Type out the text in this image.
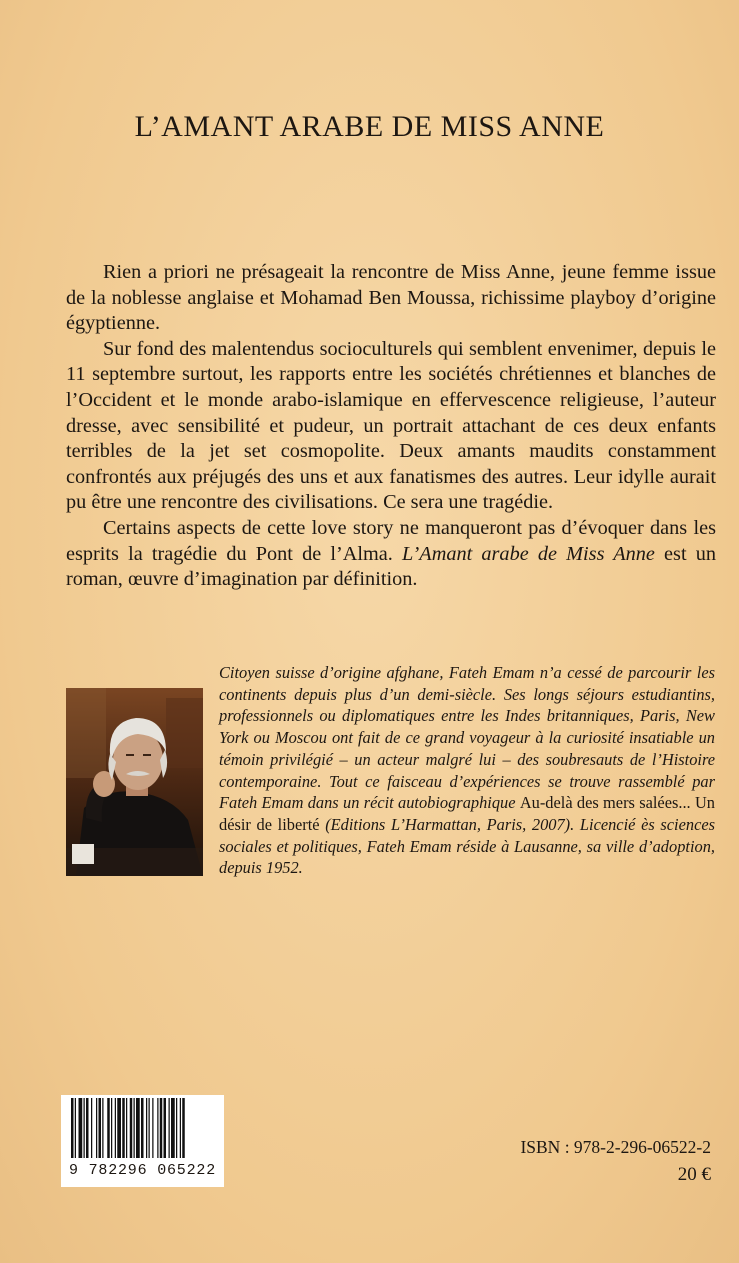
L’AMANT ARABE DE MISS ANNE

Rien a priori ne présageait la rencontre de Miss Anne, jeune femme issue de la noblesse anglaise et Mohamad Ben Moussa, richissime playboy d’origine égyptienne.

Sur fond des malentendus socioculturels qui semblent envenimer, depuis le 11 septembre surtout, les rapports entre les sociétés chrétiennes et blanches de l’Occident et le monde arabo-islamique en effervescence religieuse, l’auteur dresse, avec sensibilité et pudeur, un portrait attachant de ces deux enfants terribles de la jet set cosmopolite. Deux amants maudits constamment confrontés aux préjugés des uns et aux fanatismes des autres. Leur idylle aurait pu être une rencontre des civilisations. Ce sera une tragédie.

Certains aspects de cette love story ne manqueront pas d’évoquer dans les esprits la tragédie du Pont de l’Alma. L’Amant arabe de Miss Anne est un roman, œuvre d’imagination par définition.

Citoyen suisse d’origine afghane, Fateh Emam n’a cessé de parcourir les continents depuis plus d’un demi-siècle. Ses longs séjours estudiantins, professionnels ou diplomatiques entre les Indes britanniques, Paris, New York ou Moscou ont fait de ce grand voyageur à la curiosité insatiable un témoin privilégié – un acteur malgré lui – des soubresauts de l’Histoire contemporaine. Tout ce faisceau d’expériences se trouve rassemblé par Fateh Emam dans un récit autobiographique Au-delà des mers salées... Un désir de liberté (Editions L’Harmattan, Paris, 2007). Licencié ès sciences sociales et politiques, Fateh Emam réside à Lausanne, sa ville d’adoption, depuis 1952.

9 782296 065222
ISBN : 978-2-296-06522-2
20 €
